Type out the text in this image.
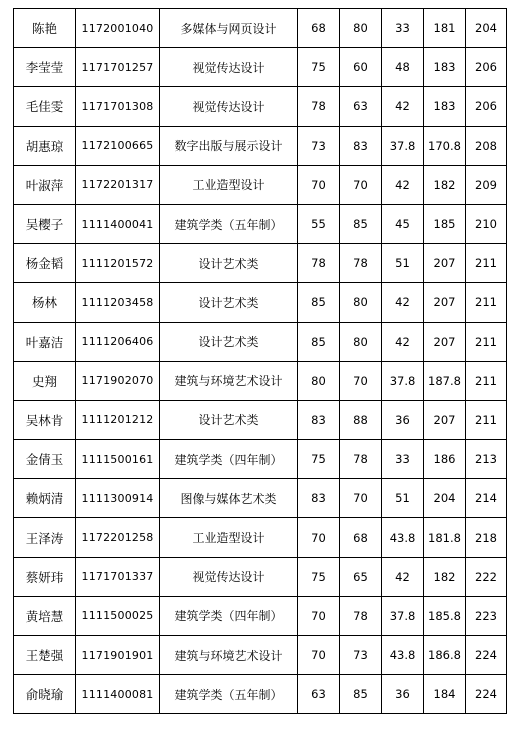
陈艳	1172001040	多媒体与网页设计	68	80	33	181	204
李莹莹	1171701257	视觉传达设计	75	60	48	183	206
毛佳雯	1171701308	视觉传达设计	78	63	42	183	206
胡惠琼	1172100665	数字出版与展示设计	73	83	37.8	170.8	208
叶淑萍	1172201317	工业造型设计	70	70	42	182	209
吴樱子	1111400041	建筑学类（五年制）	55	85	45	185	210
杨金韬	1111201572	设计艺术类	78	78	51	207	211
杨林	1111203458	设计艺术类	85	80	42	207	211
叶嘉洁	1111206406	设计艺术类	85	80	42	207	211
史翔	1171902070	建筑与环境艺术设计	80	70	37.8	187.8	211
吴林肯	1111201212	设计艺术类	83	88	36	207	211
金倩玉	1111500161	建筑学类（四年制）	75	78	33	186	213
赖炳清	1111300914	图像与媒体艺术类	83	70	51	204	214
王泽涛	1172201258	工业造型设计	70	68	43.8	181.8	218
蔡妍玮	1171701337	视觉传达设计	75	65	42	182	222
黄培慧	1111500025	建筑学类（四年制）	70	78	37.8	185.8	223
王楚强	1171901901	建筑与环境艺术设计	70	73	43.8	186.8	224
俞晓瑜	1111400081	建筑学类（五年制）	63	85	36	184	224
